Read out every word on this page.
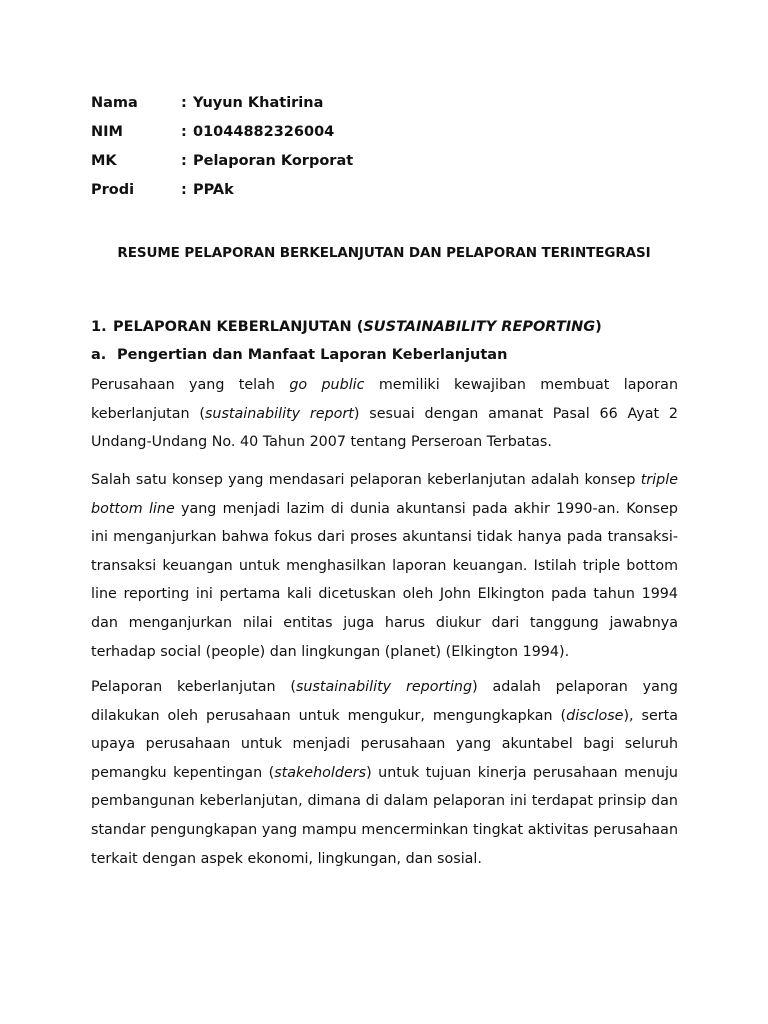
Nama	: Yuyun Khatirina
NIM	: 01044882326004
MK	: Pelaporan Korporat
Prodi	: PPAk
RESUME PELAPORAN BERKELANJUTAN DAN PELAPORAN TERINTEGRASI
1. PELAPORAN KEBERLANJUTAN (SUSTAINABILITY REPORTING)
a. Pengertian dan Manfaat Laporan Keberlanjutan

Perusahaan yang telah go public memiliki kewajiban membuat laporan keberlanjutan (sustainability report) sesuai dengan amanat Pasal 66 Ayat 2 Undang-Undang No. 40 Tahun 2007 tentang Perseroan Terbatas.

Salah satu konsep yang mendasari pelaporan keberlanjutan adalah konsep triple bottom line yang menjadi lazim di dunia akuntansi pada akhir 1990-an. Konsep ini menganjurkan bahwa fokus dari proses akuntansi tidak hanya pada transaksi-transaksi keuangan untuk menghasilkan laporan keuangan. Istilah triple bottom line reporting ini pertama kali dicetuskan oleh John Elkington pada tahun 1994 dan menganjurkan nilai entitas juga harus diukur dari tanggung jawabnya terhadap social (people) dan lingkungan (planet) (Elkington 1994).

Pelaporan keberlanjutan (sustainability reporting) adalah pelaporan yang dilakukan oleh perusahaan untuk mengukur, mengungkapkan (disclose), serta upaya perusahaan untuk menjadi perusahaan yang akuntabel bagi seluruh pemangku kepentingan (stakeholders) untuk tujuan kinerja perusahaan menuju pembangunan keberlanjutan, dimana di dalam pelaporan ini terdapat prinsip dan standar pengungkapan yang mampu mencerminkan tingkat aktivitas perusahaan terkait dengan aspek ekonomi, lingkungan, dan sosial.
